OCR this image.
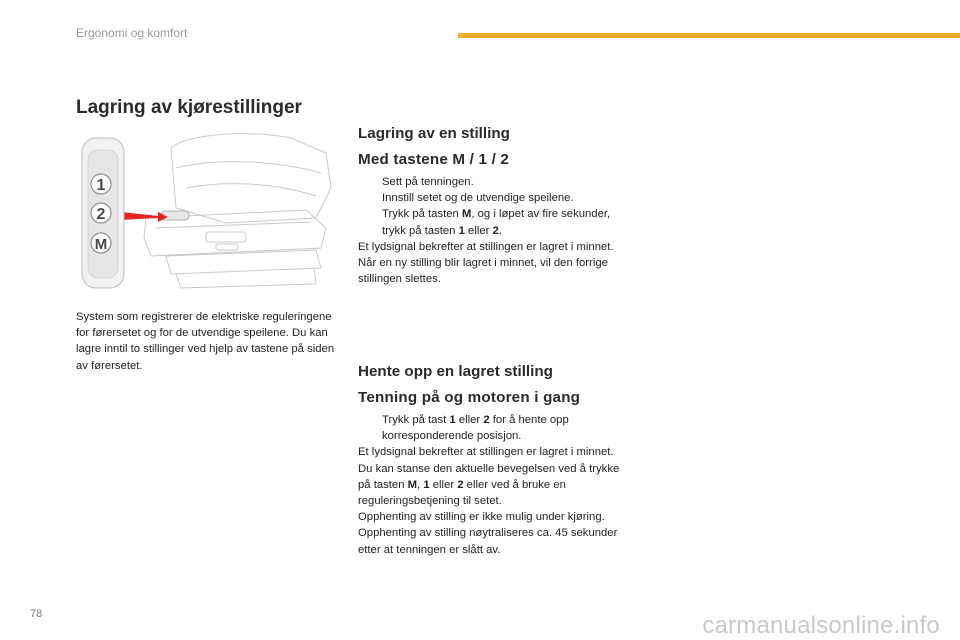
Ergonomi og komfort
Lagring av kjørestillinger
1
2
M

System som registrerer de elektriske reguleringene for førersetet og for de utvendige speilene. Du kan lagre inntil to stillinger ved hjelp av tastene på siden av førersetet.

Lagring av en stilling
Med tastene M / 1 / 2
Sett på tenningen.
Innstill setet og de utvendige speilene.
Trykk på tasten M, og i løpet av fire sekunder, trykk på tasten 1 eller 2.
Et lydsignal bekrefter at stillingen er lagret i minnet.
Når en ny stilling blir lagret i minnet, vil den forrige stillingen slettes.
Hente opp en lagret stilling
Tenning på og motoren i gang
Trykk på tast 1 eller 2 for å hente opp korresponderende posisjon.
Et lydsignal bekrefter at stillingen er lagret i minnet.
Du kan stanse den aktuelle bevegelsen ved å trykke på tasten M, 1 eller 2 eller ved å bruke en reguleringsbetjening til setet.
Opphenting av stilling er ikke mulig under kjøring.
Opphenting av stilling nøytraliseres ca. 45 sekunder etter at tenningen er slått av.
78	carmanualsonline.info
